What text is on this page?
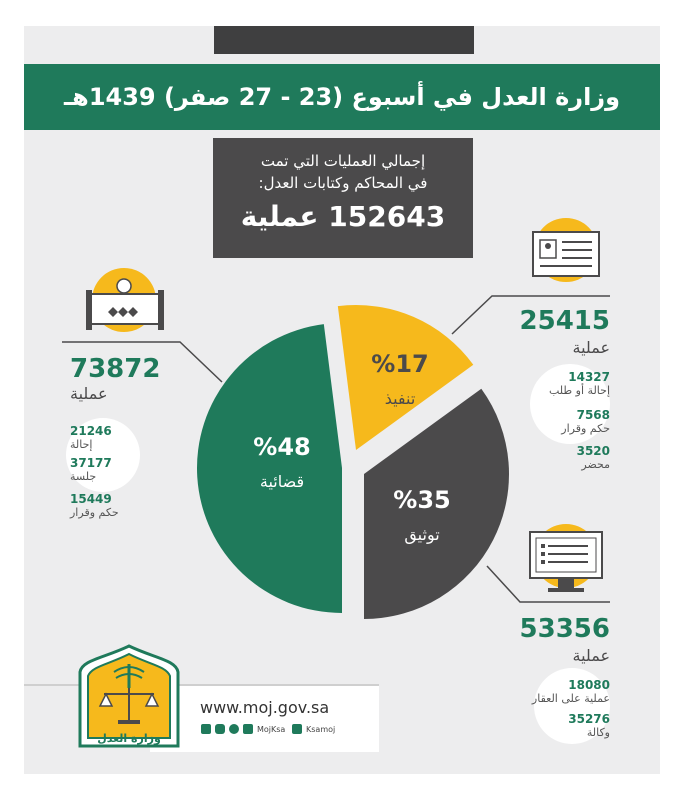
وزارة العدل في أسبوع (23 - 27 صفر) 1439هـ
إجمالي العمليات التي تمت
في المحاكم وكتابات العدل:
152643 عملية
%48
قضائية
%17
تنفيذ
%35
توثيق
73872
عملية
21246
إحالة
37177
جلسة
15449
حكم وقرار
25415
عملية
14327
إحالة أو طلب
7568
حكم وقرار
3520
محضر
53356
عملية
18080
عملية على العقار
35276
وكالة
www.moj.gov.sa
MojKsa	Ksamoj
وزارة العدل
